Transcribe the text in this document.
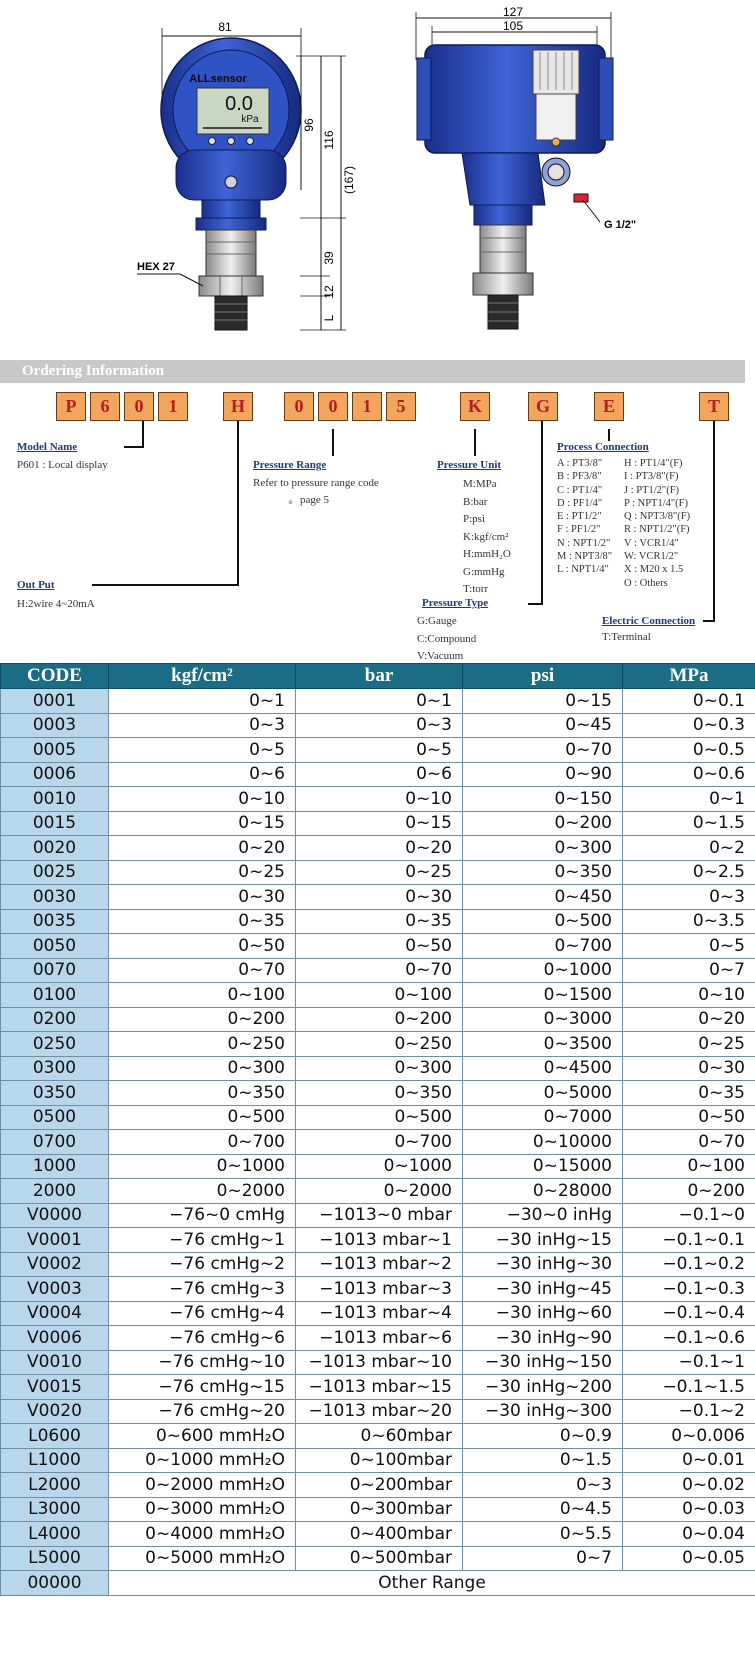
81
0.0
kPa
ALLsensor
96
116
(167)
39
12
L
HEX 27
127
105
G 1/2"
Ordering Information
P	6	0	1	H	0	0	1	5	K	G	E	T
Model Name
P601 : Local display
Out Put
H:2wire 4~20mA
Pressure Range
Refer to pressure range code
※ page 5
Pressure Unit
M:MPa
B:bar
P:psi
K:kgf/cm²
H:mmH₂O
G:mmHg
T:torr
Pressure Type
G:Gauge
C:Compound
V:Vacuum
Process Connection
A : PT3/8"
B : PF3/8"
C : PT1/4"
D : PF1/4"
E : PT1/2"
F : PF1/2"
N : NPT1/2"
M : NPT3/8"
L : NPT1/4"
H : PT1/4"(F)
I : PT3/8"(F)
J : PT1/2"(F)
P : NPT1/4"(F)
Q : NPT3/8"(F)
R : NPT1/2"(F)
V : VCR1/4"
W: VCR1/2"
X : M20 x 1.5
O : Others
Electric Connection
T:Terminal
CODE	kgf/cm²	bar	psi	MPa
0001	0~1	0~1	0~15	0~0.1
0003	0~3	0~3	0~45	0~0.3
0005	0~5	0~5	0~70	0~0.5
0006	0~6	0~6	0~90	0~0.6
0010	0~10	0~10	0~150	0~1
0015	0~15	0~15	0~200	0~1.5
0020	0~20	0~20	0~300	0~2
0025	0~25	0~25	0~350	0~2.5
0030	0~30	0~30	0~450	0~3
0035	0~35	0~35	0~500	0~3.5
0050	0~50	0~50	0~700	0~5
0070	0~70	0~70	0~1000	0~7
0100	0~100	0~100	0~1500	0~10
0200	0~200	0~200	0~3000	0~20
0250	0~250	0~250	0~3500	0~25
0300	0~300	0~300	0~4500	0~30
0350	0~350	0~350	0~5000	0~35
0500	0~500	0~500	0~7000	0~50
0700	0~700	0~700	0~10000	0~70
1000	0~1000	0~1000	0~15000	0~100
2000	0~2000	0~2000	0~28000	0~200
V0000	−76~0 cmHg	−1013~0 mbar	−30~0 inHg	−0.1~0
V0001	−76 cmHg~1	−1013 mbar~1	−30 inHg~15	−0.1~0.1
V0002	−76 cmHg~2	−1013 mbar~2	−30 inHg~30	−0.1~0.2
V0003	−76 cmHg~3	−1013 mbar~3	−30 inHg~45	−0.1~0.3
V0004	−76 cmHg~4	−1013 mbar~4	−30 inHg~60	−0.1~0.4
V0006	−76 cmHg~6	−1013 mbar~6	−30 inHg~90	−0.1~0.6
V0010	−76 cmHg~10	−1013 mbar~10	−30 inHg~150	−0.1~1
V0015	−76 cmHg~15	−1013 mbar~15	−30 inHg~200	−0.1~1.5
V0020	−76 cmHg~20	−1013 mbar~20	−30 inHg~300	−0.1~2
L0600	0~600 mmH₂O	0~60mbar	0~0.9	0~0.006
L1000	0~1000 mmH₂O	0~100mbar	0~1.5	0~0.01
L2000	0~2000 mmH₂O	0~200mbar	0~3	0~0.02
L3000	0~3000 mmH₂O	0~300mbar	0~4.5	0~0.03
L4000	0~4000 mmH₂O	0~400mbar	0~5.5	0~0.04
L5000	0~5000 mmH₂O	0~500mbar	0~7	0~0.05
00000	Other Range			
